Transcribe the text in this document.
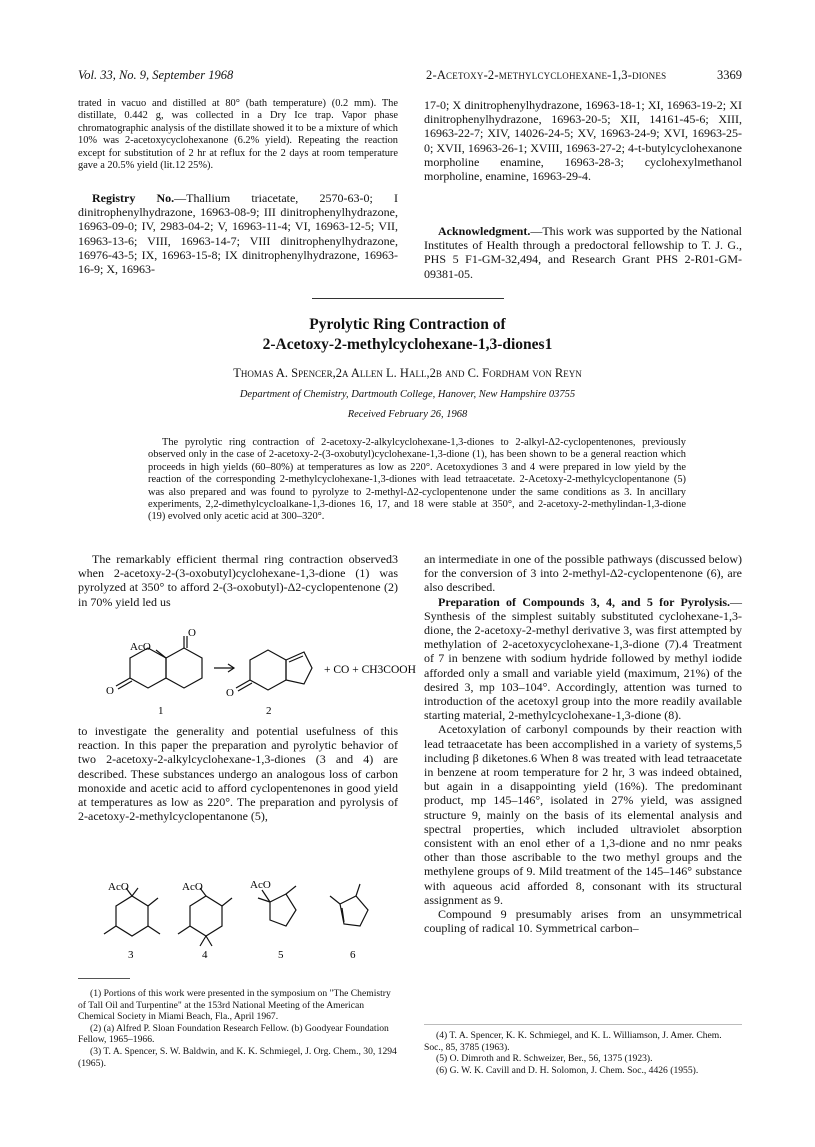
Vol. 33, No. 9, September 1968	2-Acetoxy-2-methylcyclohexane-1,3-diones	3369

trated in vacuo and distilled at 80° (bath temperature) (0.2 mm). The distillate, 0.442 g, was collected in a Dry Ice trap. Vapor phase chromatographic analysis of the distillate showed it to be a mixture of which 10% was 2-acetoxycyclohexanone (6.2% yield). Repeating the reaction except for substitution of 2 hr at reflux for the 2 days at room temperature gave a 20.5% yield (lit.12 25%).

Registry No.—Thallium triacetate, 2570-63-0; I dinitrophenylhydrazone, 16963-08-9; III dinitrophenylhydrazone, 16963-09-0; IV, 2983-04-2; V, 16963-11-4; VI, 16963-12-5; VII, 16963-13-6; VIII, 16963-14-7; VIII dinitrophenylhydrazone, 16976-43-5; IX, 16963-15-8; IX dinitrophenylhydrazone, 16963-16-9; X, 16963-

17-0; X dinitrophenylhydrazone, 16963-18-1; XI, 16963-19-2; XI dinitrophenylhydrazone, 16963-20-5; XII, 14161-45-6; XIII, 16963-22-7; XIV, 14026-24-5; XV, 16963-24-9; XVI, 16963-25-0; XVII, 16963-26-1; XVIII, 16963-27-2; 4-t-butylcyclohexanone morpholine enamine, 16963-28-3; cyclohexylmethanol morpholine, enamine, 16963-29-4.

Acknowledgment.—This work was supported by the National Institutes of Health through a predoctoral fellowship to T. J. G., PHS 5 F1-GM-32,494, and Research Grant PHS 2-R01-GM-09381-05.

Pyrolytic Ring Contraction of
2-Acetoxy-2-methylcyclohexane-1,3-diones1
Thomas A. Spencer,2a Allen L. Hall,2b and C. Fordham von Reyn
Department of Chemistry, Dartmouth College, Hanover, New Hampshire 03755
Received February 26, 1968

The pyrolytic ring contraction of 2-acetoxy-2-alkylcyclohexane-1,3-diones to 2-alkyl-Δ2-cyclopentenones, previously observed only in the case of 2-acetoxy-2-(3-oxobutyl)cyclohexane-1,3-dione (1), has been shown to be a general reaction which proceeds in high yields (60–80%) at temperatures as low as 220°. Acetoxydiones 3 and 4 were prepared in low yield by the reaction of the corresponding 2-methylcyclohexane-1,3-diones with lead tetraacetate. 2-Acetoxy-2-methylcyclopentanone (5) was also prepared and was found to pyrolyze to 2-methyl-Δ2-cyclopentenone under the same conditions as 3. In ancillary experiments, 2,2-dimethylcycloalkane-1,3-diones 16, 17, and 18 were stable at 350°, and 2-acetoxy-2-methylindan-1,3-dione (19) evolved only acetic acid at 300–320°.

The remarkably efficient thermal ring contraction observed3 when 2-acetoxy-2-(3-oxobutyl)cyclohexane-1,3-dione (1) was pyrolyzed at 350° to afford 2-(3-oxobutyl)-Δ2-cyclopentenone (2) in 70% yield led us

AcO
O
O	O
+ CO + CH3COOH
1	2

to investigate the generality and potential usefulness of this reaction. In this paper the preparation and pyrolytic behavior of two 2-acetoxy-2-alkylcyclohexane-1,3-diones (3 and 4) are described. These substances undergo an analogous loss of carbon monoxide and acetic acid to afford cyclopentenones in good yield at temperatures as low as 220°. The preparation and pyrolysis of 2-acetoxy-2-methylcyclopentanone (5),

AcO	AcO	AcO
3	4	5	6

(1) Portions of this work were presented in the symposium on "The Chemistry of Tall Oil and Turpentine" at the 153rd National Meeting of the American Chemical Society in Miami Beach, Fla., April 1967.

(2) (a) Alfred P. Sloan Foundation Research Fellow. (b) Goodyear Foundation Fellow, 1965–1966.

(3) T. A. Spencer, S. W. Baldwin, and K. K. Schmiegel, J. Org. Chem., 30, 1294 (1965).

an intermediate in one of the possible pathways (discussed below) for the conversion of 3 into 2-methyl-Δ2-cyclopentenone (6), are also described.

Preparation of Compounds 3, 4, and 5 for Pyrolysis.—Synthesis of the simplest suitably substituted cyclohexane-1,3-dione, the 2-acetoxy-2-methyl derivative 3, was first attempted by methylation of 2-acetoxycyclohexane-1,3-dione (7).4 Treatment of 7 in benzene with sodium hydride followed by methyl iodide afforded only a small and variable yield (maximum, 21%) of the desired 3, mp 103–104°. Accordingly, attention was turned to introduction of the acetoxyl group into the more readily available starting material, 2-methylcyclohexane-1,3-dione (8).

Acetoxylation of carbonyl compounds by their reaction with lead tetraacetate has been accomplished in a variety of systems,5 including β diketones.6 When 8 was treated with lead tetraacetate in benzene at room temperature for 2 hr, 3 was indeed obtained, but again in a disappointing yield (16%). The predominant product, mp 145–146°, isolated in 27% yield, was assigned structure 9, mainly on the basis of its elemental analysis and spectral properties, which included ultraviolet absorption consistent with an enol ether of a 1,3-dione and no nmr peaks other than those ascribable to the two methyl groups and the methylene groups of 9. Mild treatment of the 145–146° substance with aqueous acid afforded 8, consonant with its structural assignment as 9.

Compound 9 presumably arises from an unsymmetrical coupling of radical 10. Symmetrical carbon–

(4) T. A. Spencer, K. K. Schmiegel, and K. L. Williamson, J. Amer. Chem. Soc., 85, 3785 (1963).

(5) O. Dimroth and R. Schweizer, Ber., 56, 1375 (1923).

(6) G. W. K. Cavill and D. H. Solomon, J. Chem. Soc., 4426 (1955).
